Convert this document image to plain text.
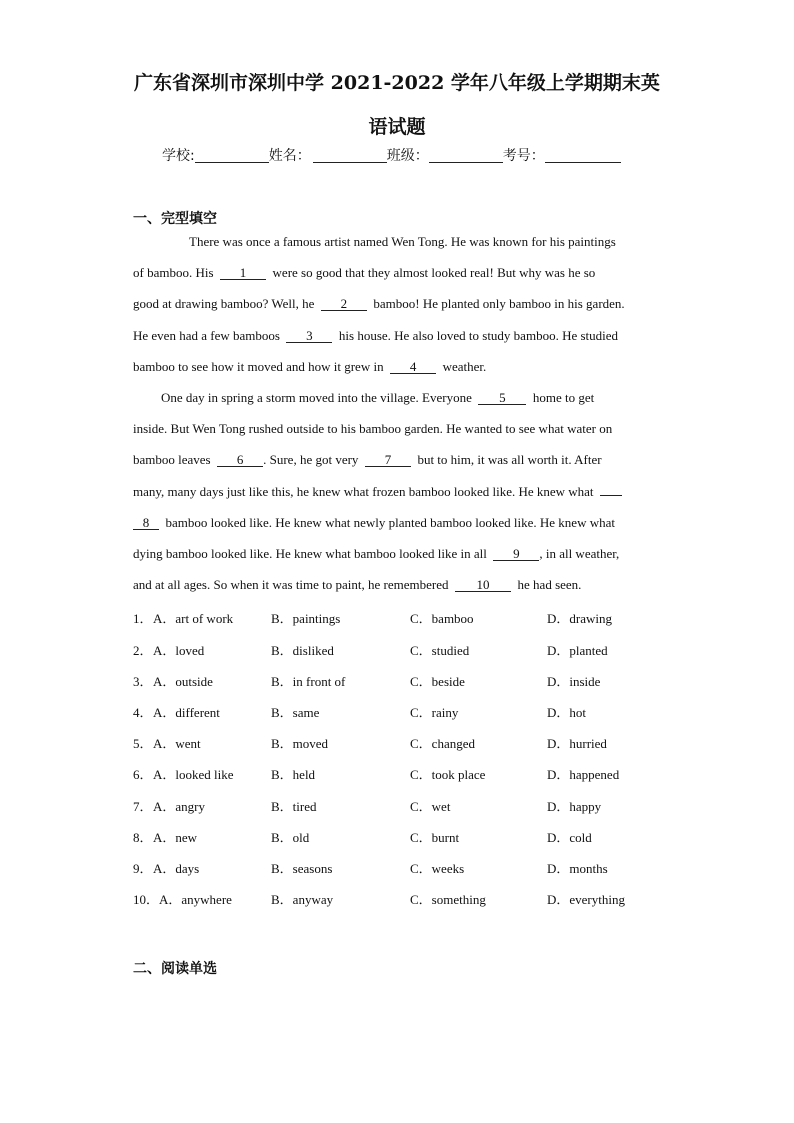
广东省深圳市深圳中学 2021-2022 学年八年级上学期期末英
语试题
学校:	姓名：	班级：	考号：
一、完型填空
There was once a famous artist named Wen Tong. He was known for his paintings
of bamboo. His 1 were so good that they almost looked real! But why was he so
good at drawing bamboo? Well, he 2 bamboo! He planted only bamboo in his garden.
He even had a few bamboos 3 his house. He also loved to study bamboo. He studied
bamboo to see how it moved and how it grew in 4 weather.
One day in spring a storm moved into the village. Everyone 5 home to get
inside. But Wen Tong rushed outside to his bamboo garden. He wanted to see what water on
bamboo leaves 6 . Sure, he got very 7 but to him, it was all worth it. After
many, many days just like this, he knew what frozen bamboo looked like. He knew what
8 bamboo looked like. He knew what newly planted bamboo looked like. He knew what
dying bamboo looked like. He knew what bamboo looked like in all 9 , in all weather,
and at all ages. So when it was time to paint, he remembered 10 he had seen.
1． A．art of work	B．paintings	C．bamboo	D．drawing
2． A．loved	B．disliked	C．studied	D．planted
3． A．outside	B．in front of	C．beside	D．inside
4． A．different	B．same	C．rainy	D．hot
5． A．went	B．moved	C．changed	D．hurried
6． A．looked like	B．held	C．took place	D．happened
7． A．angry	B．tired	C．wet	D．happy
8． A．new	B．old	C．burnt	D．cold
9． A．days	B．seasons	C．weeks	D．months
10． A．anywhere	B．anyway	C．something	D．everything
二、阅读单选
